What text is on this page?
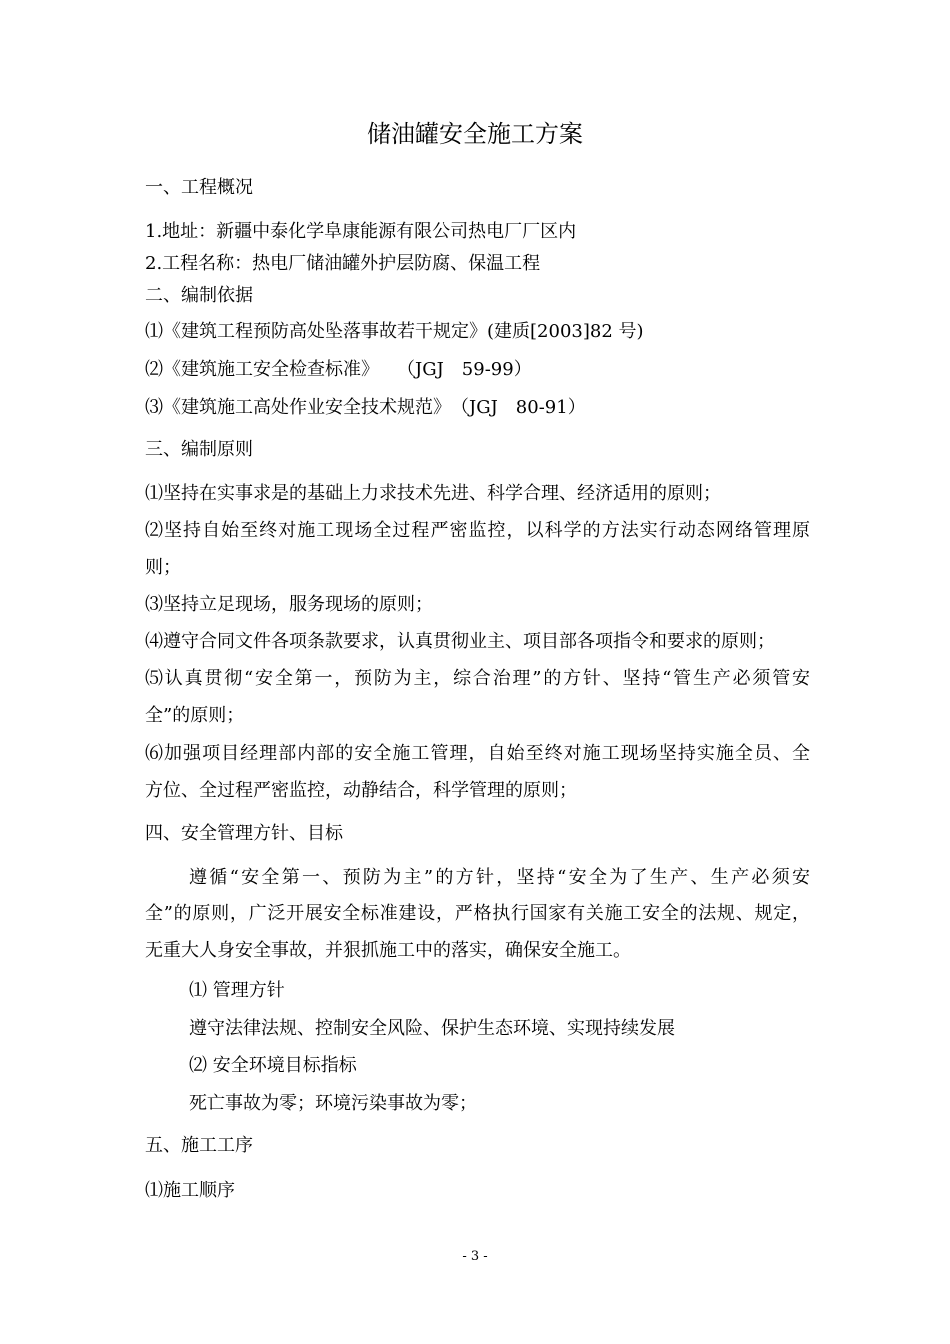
储油罐安全施工方案
一、工程概况
1.地址：新疆中泰化学阜康能源有限公司热电厂厂区内
2.工程名称：热电厂储油罐外护层防腐、保温工程
二、编制依据
⑴《建筑工程预防高处坠落事故若干规定》(建质[2003]82 号)
⑵《建筑施工安全检查标准》　　（JGJ　59-99）
⑶《建筑施工高处作业安全技术规范》　（JGJ　80-91）
三、编制原则
⑴坚持在实事求是的基础上力求技术先进、科学合理、经济适用的原则；
⑵坚持自始至终对施工现场全过程严密监控，以科学的方法实行动态网络管理原
则；
⑶坚持立足现场，服务现场的原则；
⑷遵守合同文件各项条款要求，认真贯彻业主、项目部各项指令和要求的原则；
⑸认真贯彻“安全第一，预防为主，综合治理”的方针、坚持“管生产必须管安
全”的原则；
⑹加强项目经理部内部的安全施工管理，自始至终对施工现场坚持实施全员、全
方位、全过程严密监控，动静结合，科学管理的原则；
四、安全管理方针、目标
遵循“安全第一、预防为主”的方针，坚持“安全为了生产、生产必须安
全”的原则，广泛开展安全标准建设，严格执行国家有关施工安全的法规、规定，
无重大人身安全事故，并狠抓施工中的落实，确保安全施工。
⑴ 管理方针
遵守法律法规、控制安全风险、保护生态环境、实现持续发展
⑵ 安全环境目标指标
死亡事故为零；环境污染事故为零；
五、施工工序
⑴施工顺序
- 3 -
